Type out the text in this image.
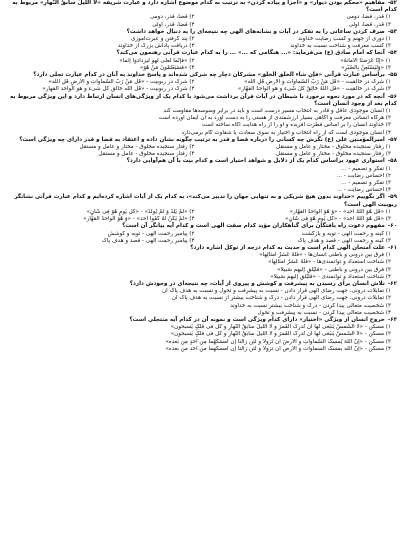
۵۲-مفاهیم «محکم بودن دیوار» و «اجرا و پیاده کردن» به ترتیب به کدام موضوع اشاره دارد و عبارت شریفه «لا اللَّیلُ سابقُ النّهارِ» مربوط به کدام است؟
۱) قدر، قضا، دومی
۲) قضا، قدر، دومی
۳) قدر، قضا، اولی
۴) قضا، قدر، اولی
۵۳-صرف کردن ساعاتی را به تفکر در آیات و نشانه‌های الهی چه نتیجه‌ای را به دنبال خواهد داشت؟
۱) دوری از جهنم و کسب رضایت خداوند
۲) پند گرفتن و عبرت‌آموزی
۳) کسب معرفت و شناخت نسبت به خداوند
۴) دریافت پاداش بزرگ از خداوند
۵۴-آنجا که امام صادق (ع) می‌فرماید: «... هنگامی که ...» ... را به کدام عبارت قرآنی رهنمون می‌کند؟
۱) «إنّا عَرَضنَا الأمانةَ»
۲) «فإنّما لعلی لهو لیزدادوا إثماً»
۳) «وَلْیَسْتَعِنْ بِالصَّبْرِ»
۴) «فَسَيَعْلَمُونَ مَنْ هُوَ»
۵۵-براساس عبارت قرآنی «فإن شاء الخلق الخلق» مشرکان دچار چه شرکی شده‌اند و پاسخ خداوند به آنان در کدام عبارت تجلی دارد؟
۱) شرک در خالقیت - «قُلْ مَنْ رَبُّ السَّماوات و الأرض قُلِ الله»
۲) شرک در ربوبیت - «قُلْ مَنْ رَبُّ السَّماواتِ و الأرضِ قُلِ الله»
۳) شرک در خالقیت - «قُلْ اللهُ خالِقُ کُلِّ شَیء و هو الواحدُ القهّار»
۴) شرک در ربوبیت - «قُلْ الله خالق کل شیء و هو الواحد القهار»
۵۶-آنچه که در مورد نحوه برخورد با شیطان در آیات قرآن برداشت می‌شود با کدام یک از ویژگی‌های انسان ارتباط دارد و این ویژگی مربوط به کدام بعد از وجود انسان است؟
۱) انسان موجودی عاقل و قادر به انتخاب مسیر درست است و باید در برابر وسوسه‌ها مقاومت کند
۲) هرگاه انسانی معرفت و آگاهی بسیار ارزشمندی از هستی را به دست آورد به آن ایمان آورده است
۳) خداوند انسان را بر اساس فطرت آفریده و او را از راه هدایت آگاه ساخته است
۴) انسان موجودی است که از راه انتخاب و اختیار به سوی سعادت یا شقاوت گام برمی‌دارد
۵۷-امیرالمؤمنین علی (ع) نگرش چه کسانی را درباره قضا و قدر به ترتیب چگونه نشان داده و اعتقاد به قضا و قدر دارای چه ویژگی است؟
۱) رفتار سنجیده مخلوق - مختار و عامل و مستقل
۲) رفتار سنجیده مخلوق - مختار و عامل و مستقل
۳) رفتار سنجیده مخلوق - مختار و عامل و مستقل
۴) رفتار سنجیده مخلوق - عامل و مستقل
۵۸-استواری عهود براساس کدام یک از دلایل و شواهد اختیار است و کدام بیت با آن هم‌آوایی دارد؟
۱) تفکر و تصمیم - ...
۲) احساس رضایت - ...
۳) تفکر و تصمیم - ...
۴) احساس رضایت - ...
۵۹-اگر بگوییم «خداوند بدون هیچ شریکی و به تنهایی جهان را تدبیر می‌کند»، به کدام یک از آیات اشاره کرده‌ایم و کدام عبارت قرآنی نشانگر ربوبیت الهی است؟
۱) «قُلْ هُوَ اللهُ أحد» - «وَ هُوَ الواحدُ القهّار»
۲) «لَمْ یَلِدْ وَ لَمْ یُولَدْ» - «کُلَّ یَومٍ هُوَ فِی شَأنٍ»
۳) «قُلْ هُوَ اللهُ أحد» - «کُلَّ یَومٍ هُوَ فِی شَأنٍ»
۴) «لَمْ یَکُنْ لَهُ کُفُواً أحد» - «وَ هُوَ الواحدُ القهّار»
۶۰-مفهوم دعوت راه یافتگان برای گناهکاران مؤید کدام صفت الهی است و کدام آیه بیانگر آن است؟
۱) کینه و رحمت الهی - توبه و بازگشت
۲) پیامبر رحمت الهی - توبه و کوشش
۳) کینه و رحمت الهی - قصد و هدف پاک
۴) پیامبر رحمت الهی - قصد و هدف پاک
۶۱-علت امتحان الهی کدام است و حدیث به کدام درجه از توکل اشاره دارد؟
۱) فرق بین درونی و باطنی انسان‌ها - «فَلَهُ عَشرُ أمثالِها»
۲) شناخت استعداد و توانمندی‌ها - «فَلَهُ عَشرُ أمثالِها»
۳) فرق بین درونی و باطنی - «فَلْيُلْقِ إليهم سَبيلاً»
۴) شناخت استعداد و توانمندی - «فَلْيُلْقِ إليهم سَبيلاً»
۶۲-تلاش انسان برای رسیدن به پیشرفت و کوشش و پیروی از آیات، چه نتیجه‌ای در وجودش دارد؟
۱) تمایلات درونی، جهت رضای الهی قرار دادن - نسبت به پیشرفت و تحول و نسبت به هدف پاک آن
۲) تمایلات درونی، جهت رضای الهی قرار دادن - درک و شناخت بیشتر از نسبت به هدف پاک آن
۳) شخصیت متعالی پیدا کردن - درک و شناخت بیشتر نسبت به خداوند
۴) شخصیت متعالی پیدا کردن - نسبت به پیشرفت و تحول
۶۳-خروج انسان از ویژگی «اختیار» دارای کدام ویژگی است و نمونه آن در کدام آیه منتجلی است؟
۱) مسکن - «لَا الشَّمسُ یَنبَغی لَها أن تُدرِکَ القَمرَ و لَا اللیلُ سابقُ النّهارِ و کُلٌّ فی فَلکٍ یَسبحون»
۲) مسکن - «لَا الشَّمسُ یَنبَغی لَها أن تُدرِکَ القَمرَ و لَا اللیلُ سابقُ النّهارِ و کُلٌّ فی فَلکٍ یَسبحون»
۳) مسکن - «إنّ اللهَ یُمسِکُ السَّماواتِ و الأرضَ أن تَزولا و لَئِن زالَتا إن أمسَکَهُما مِن أحدٍ مِن بَعدِه»
۴) مسکن - «إنّ الله یمسک السماوات و الأرض أن تزولا و لئن زالتا إن أمسکهما من أحد من بعده»
